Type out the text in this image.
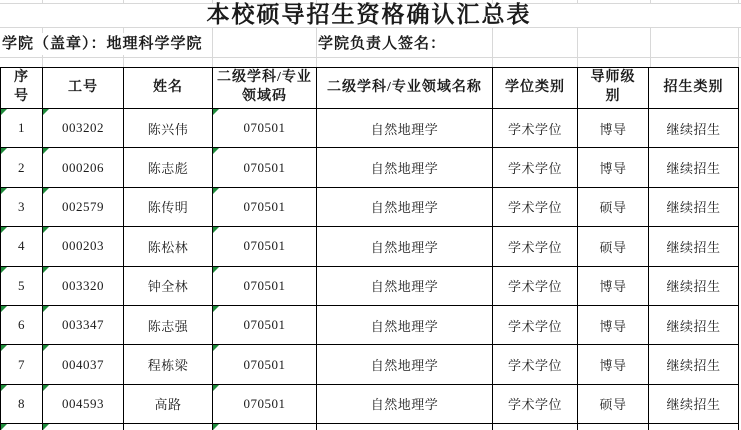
本校硕导招生资格确认汇总表
学院（盖章）：地理科学学院	学院负责人签名：
序号	工号	姓名	二级学科/专业领域码	二级学科/专业领域名称	学位类别	导师级别	招生类别

1	003202	陈兴伟	070501	自然地理学	学术学位	博导	继续招生

2	000206	陈志彪	070501	自然地理学	学术学位	博导	继续招生

3	002579	陈传明	070501	自然地理学	学术学位	硕导	继续招生

4	000203	陈松林	070501	自然地理学	学术学位	硕导	继续招生

5	003320	钟全林	070501	自然地理学	学术学位	博导	继续招生

6	003347	陈志强	070501	自然地理学	学术学位	博导	继续招生

7	004037	程栋梁	070501	自然地理学	学术学位	博导	继续招生

8	004593	高路	070501	自然地理学	学术学位	硕导	继续招生
